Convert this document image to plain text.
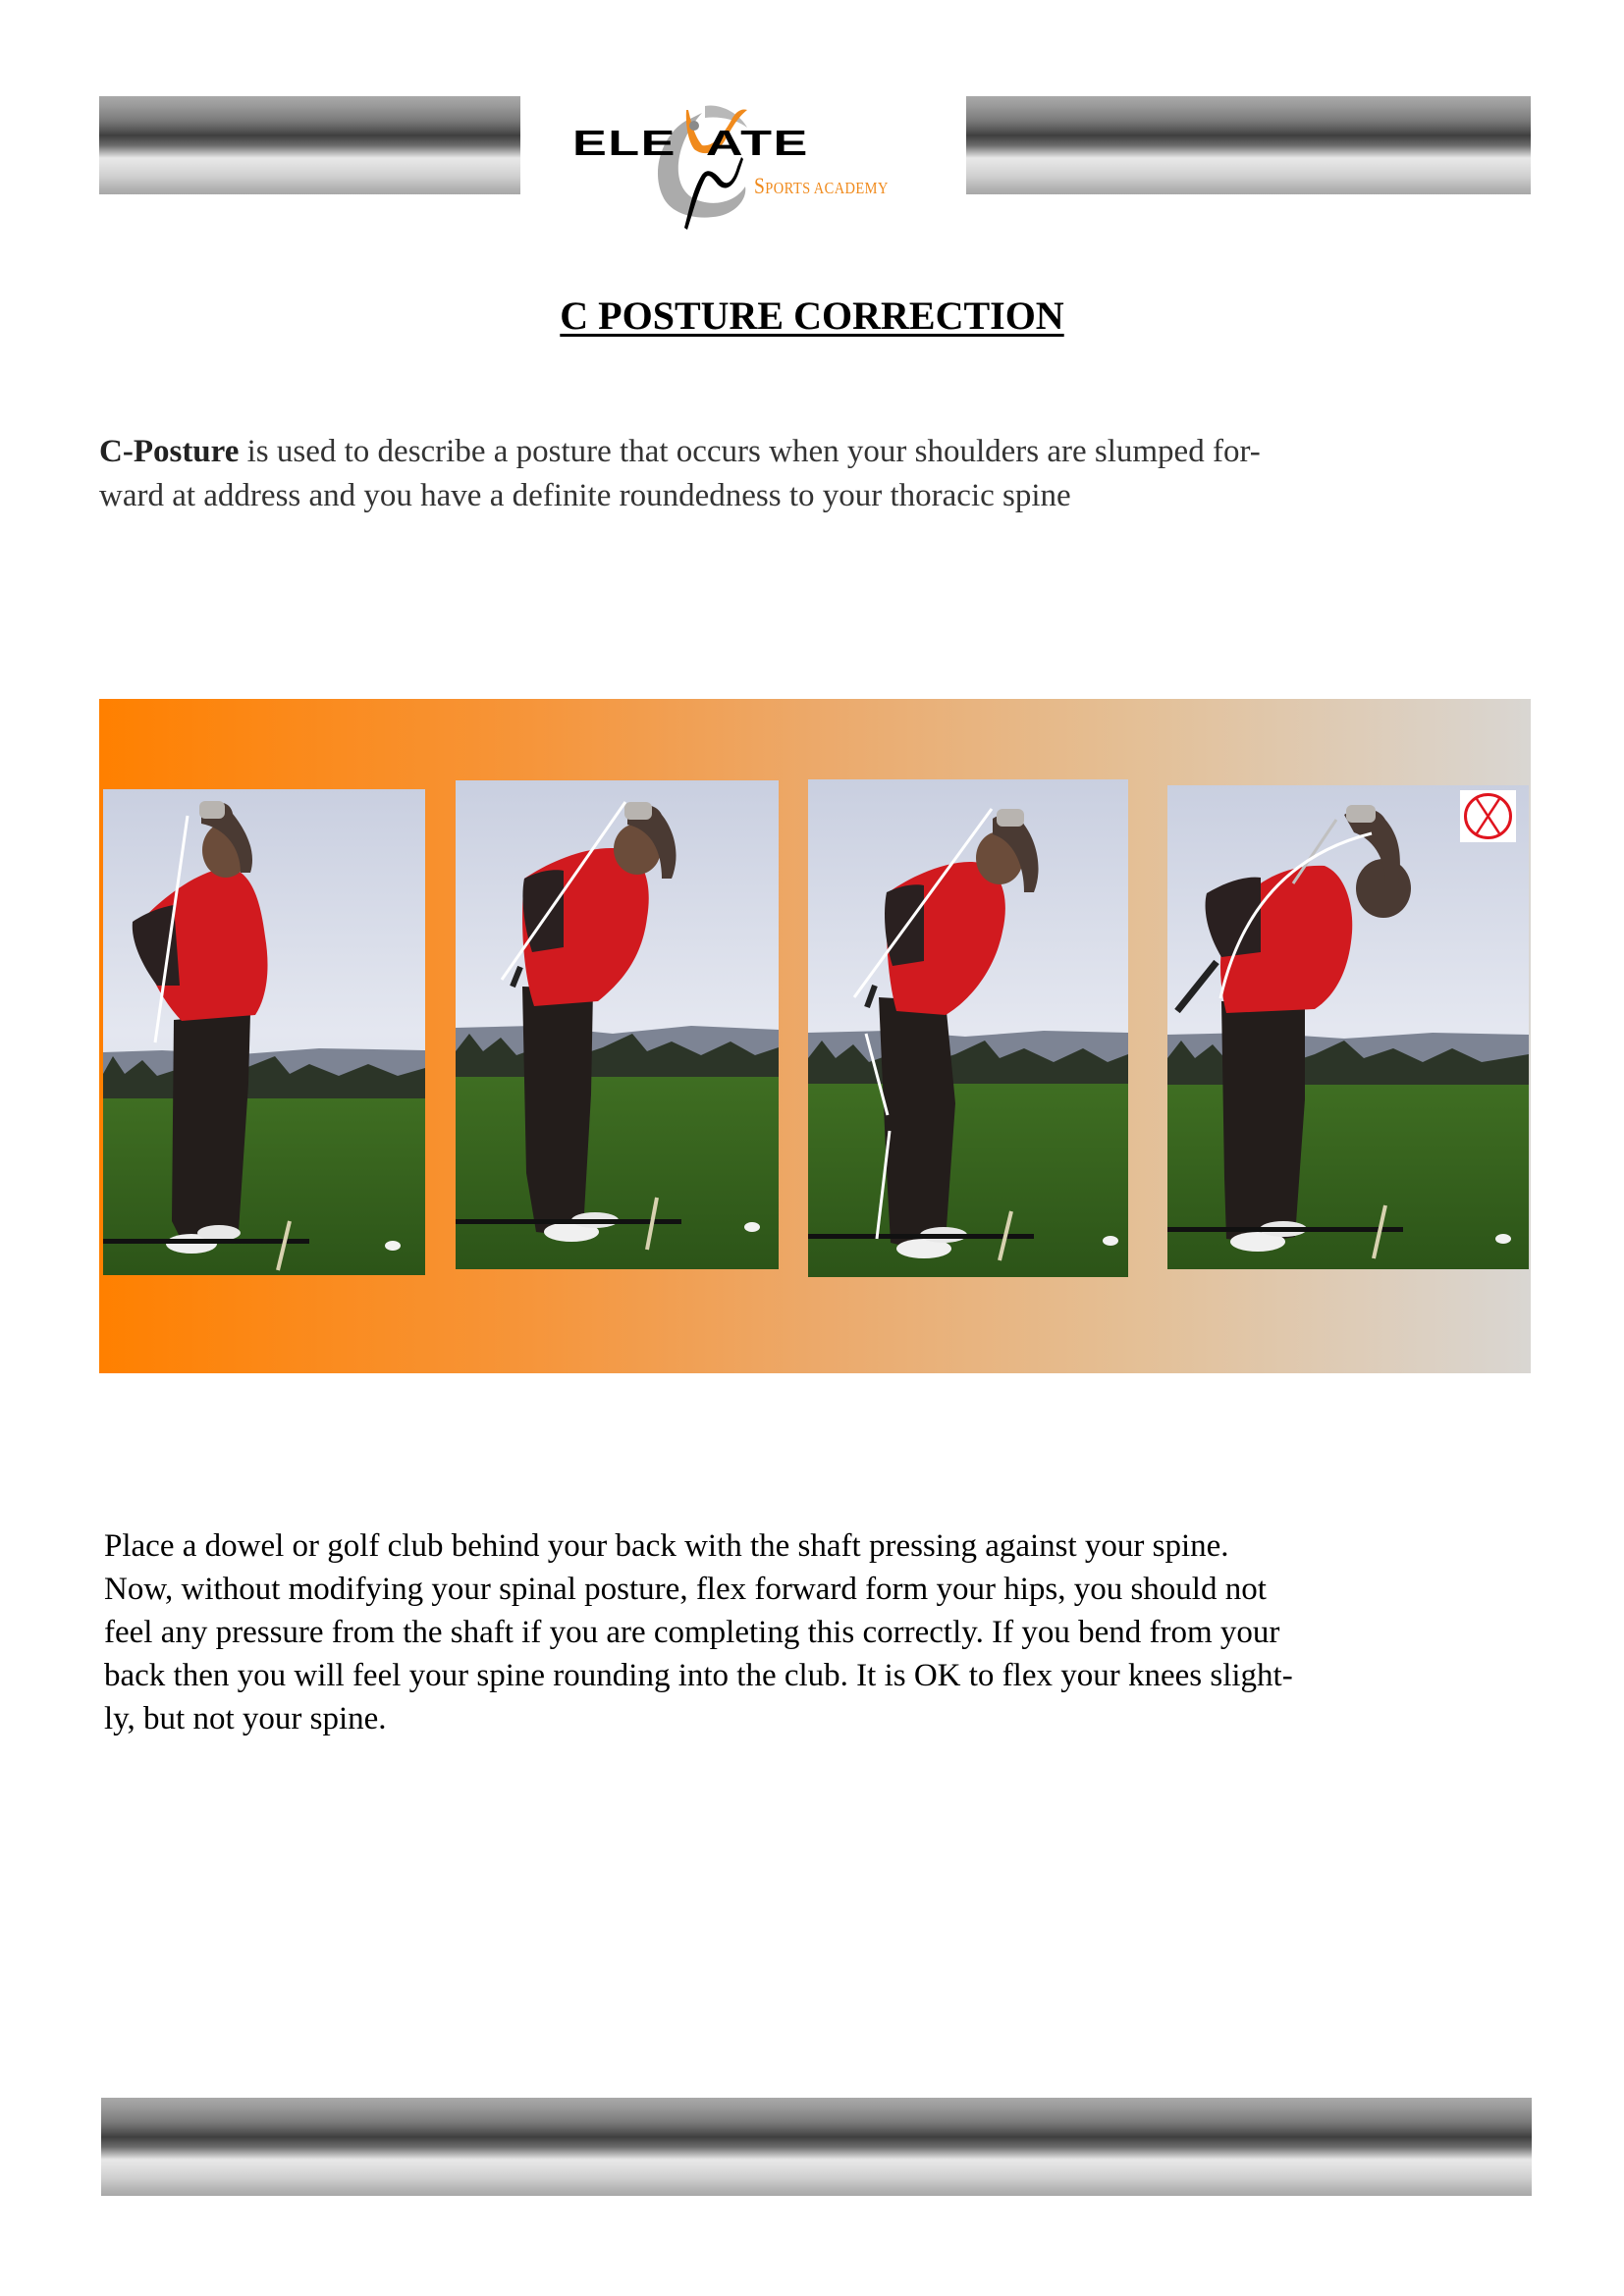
ELE  ATE
SPORTS ACADEMY
C POSTURE CORRECTION
C-Posture is used to describe a posture that occurs when your shoulders are slumped for-
ward at address and you have a definite roundedness to your thoracic spine
Place a dowel or golf club behind your back with the shaft pressing against your spine.
Now, without modifying your spinal posture, flex forward form your hips, you should not
feel any pressure from the shaft if you are completing this correctly. If you bend from your
back then you will feel your spine rounding into the club. It is OK to flex your knees slight-
ly, but not your spine.
